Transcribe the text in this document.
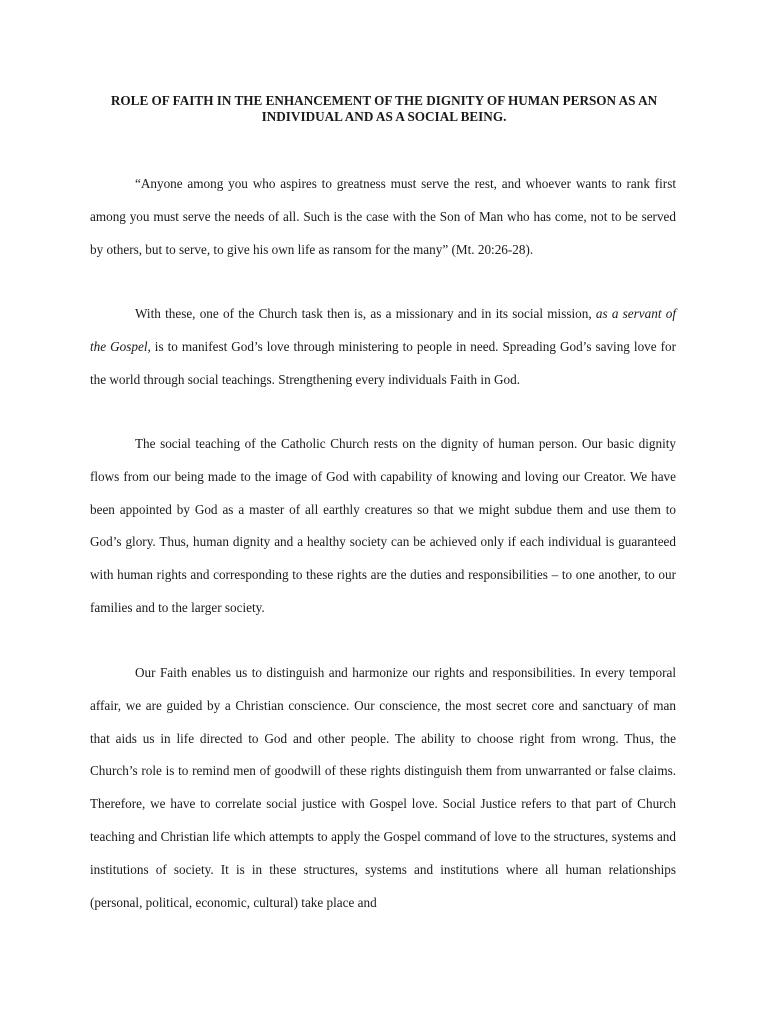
ROLE OF FAITH IN THE ENHANCEMENT OF THE DIGNITY OF HUMAN PERSON AS AN INDIVIDUAL AND AS A SOCIAL BEING.

“Anyone among you who aspires to greatness must serve the rest, and whoever wants to rank first among you must serve the needs of all. Such is the case with the Son of Man who has come, not to be served by others, but to serve, to give his own life as ransom for the many” (Mt. 20:26-28).

With these, one of the Church task then is, as a missionary and in its social mission, as a servant of the Gospel, is to manifest God’s love through ministering to people in need. Spreading God’s saving love for the world through social teachings. Strengthening every individuals Faith in God.

The social teaching of the Catholic Church rests on the dignity of human person. Our basic dignity flows from our being made to the image of God with capability of knowing and loving our Creator. We have been appointed by God as a master of all earthly creatures so that we might subdue them and use them to God’s glory. Thus, human dignity and a healthy society can be achieved only if each individual is guaranteed with human rights and corresponding to these rights are the duties and responsibilities – to one another, to our families and to the larger society.

Our Faith enables us to distinguish and harmonize our rights and responsibilities. In every temporal affair, we are guided by a Christian conscience. Our conscience, the most secret core and sanctuary of man that aids us in life directed to God and other people. The ability to choose right from wrong. Thus, the Church’s role is to remind men of goodwill of these rights distinguish them from unwarranted or false claims. Therefore, we have to correlate social justice with Gospel love. Social Justice refers to that part of Church teaching and Christian life which attempts to apply the Gospel command of love to the structures, systems and institutions of society. It is in these structures, systems and institutions where all human relationships (personal, political, economic, cultural) take place and
